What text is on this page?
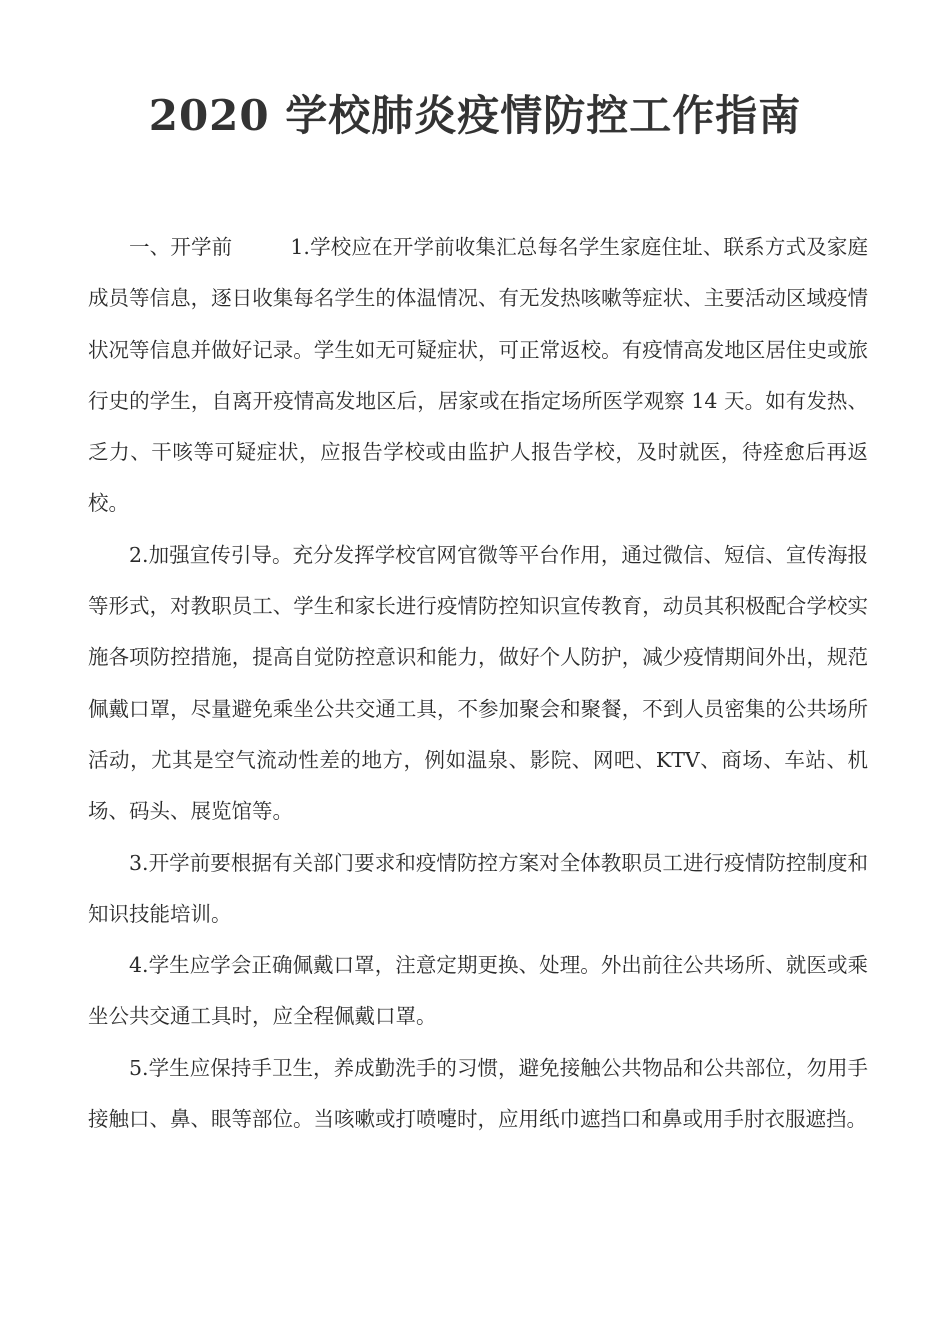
2020 学校肺炎疫情防控工作指南

一、开学前	1.学校应在开学前收集汇总每名学生家庭住址、联系方式及家庭成员等信息，逐日收集每名学生的体温情况、有无发热咳嗽等症状、主要活动区域疫情状况等信息并做好记录。学生如无可疑症状，可正常返校。有疫情高发地区居住史或旅行史的学生，自离开疫情高发地区后，居家或在指定场所医学观察 14 天。如有发热、乏力、干咳等可疑症状，应报告学校或由监护人报告学校，及时就医，待痊愈后再返校。

2.加强宣传引导。充分发挥学校官网官微等平台作用，通过微信、短信、宣传海报等形式，对教职员工、学生和家长进行疫情防控知识宣传教育，动员其积极配合学校实施各项防控措施，提高自觉防控意识和能力，做好个人防护，减少疫情期间外出，规范佩戴口罩，尽量避免乘坐公共交通工具，不参加聚会和聚餐，不到人员密集的公共场所活动，尤其是空气流动性差的地方，例如温泉、影院、网吧、KTV、商场、车站、机场、码头、展览馆等。

3.开学前要根据有关部门要求和疫情防控方案对全体教职员工进行疫情防控制度和知识技能培训。

4.学生应学会正确佩戴口罩，注意定期更换、处理。外出前往公共场所、就医或乘坐公共交通工具时，应全程佩戴口罩。

5.学生应保持手卫生，养成勤洗手的习惯，避免接触公共物品和公共部位，勿用手接触口、鼻、眼等部位。当咳嗽或打喷嚏时，应用纸巾遮挡口和鼻或用手肘衣服遮挡。
